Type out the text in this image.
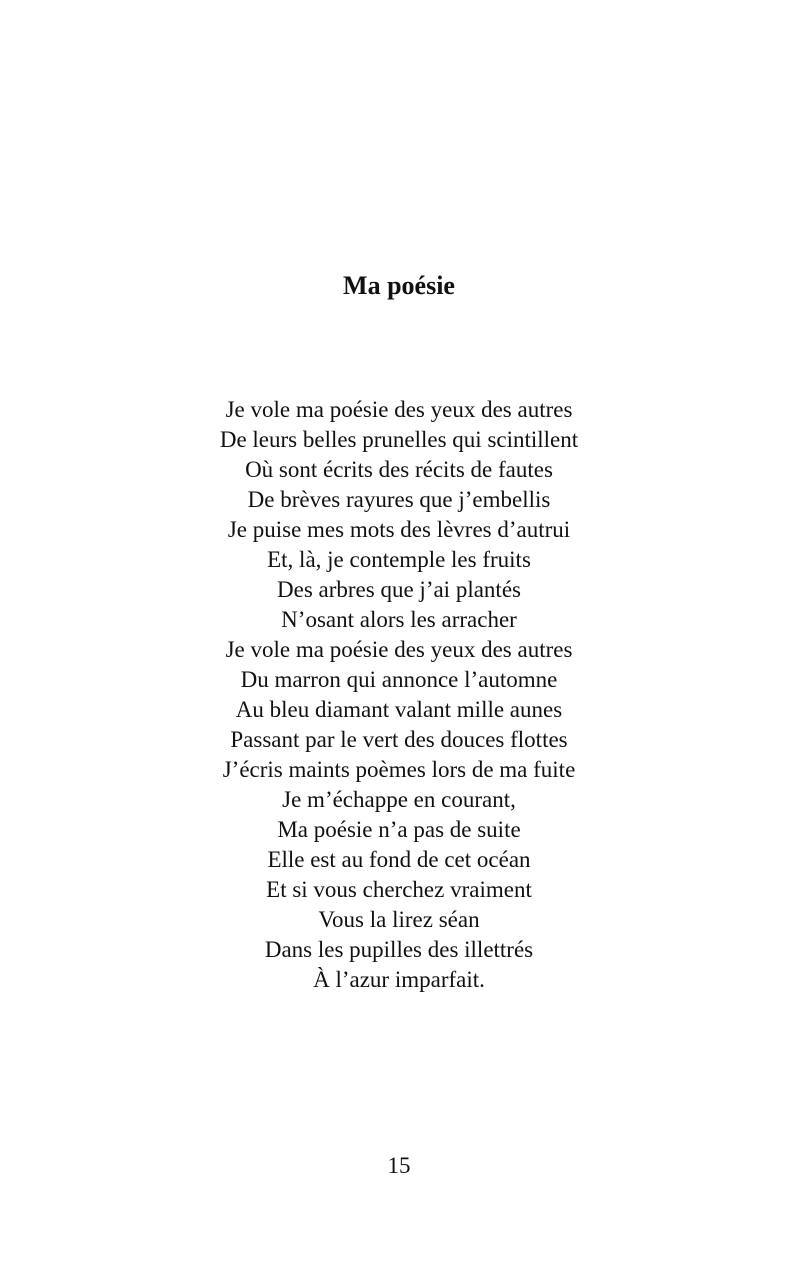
Ma poésie
Je vole ma poésie des yeux des autres
De leurs belles prunelles qui scintillent
Où sont écrits des récits de fautes
De brèves rayures que j’embellis
Je puise mes mots des lèvres d’autrui
Et, là, je contemple les fruits
Des arbres que j’ai plantés
N’osant alors les arracher
Je vole ma poésie des yeux des autres
Du marron qui annonce l’automne
Au bleu diamant valant mille aunes
Passant par le vert des douces flottes
J’écris maints poèmes lors de ma fuite
Je m’échappe en courant,
Ma poésie n’a pas de suite
Elle est au fond de cet océan
Et si vous cherchez vraiment
Vous la lirez séan
Dans les pupilles des illettrés
À l’azur imparfait.
15
